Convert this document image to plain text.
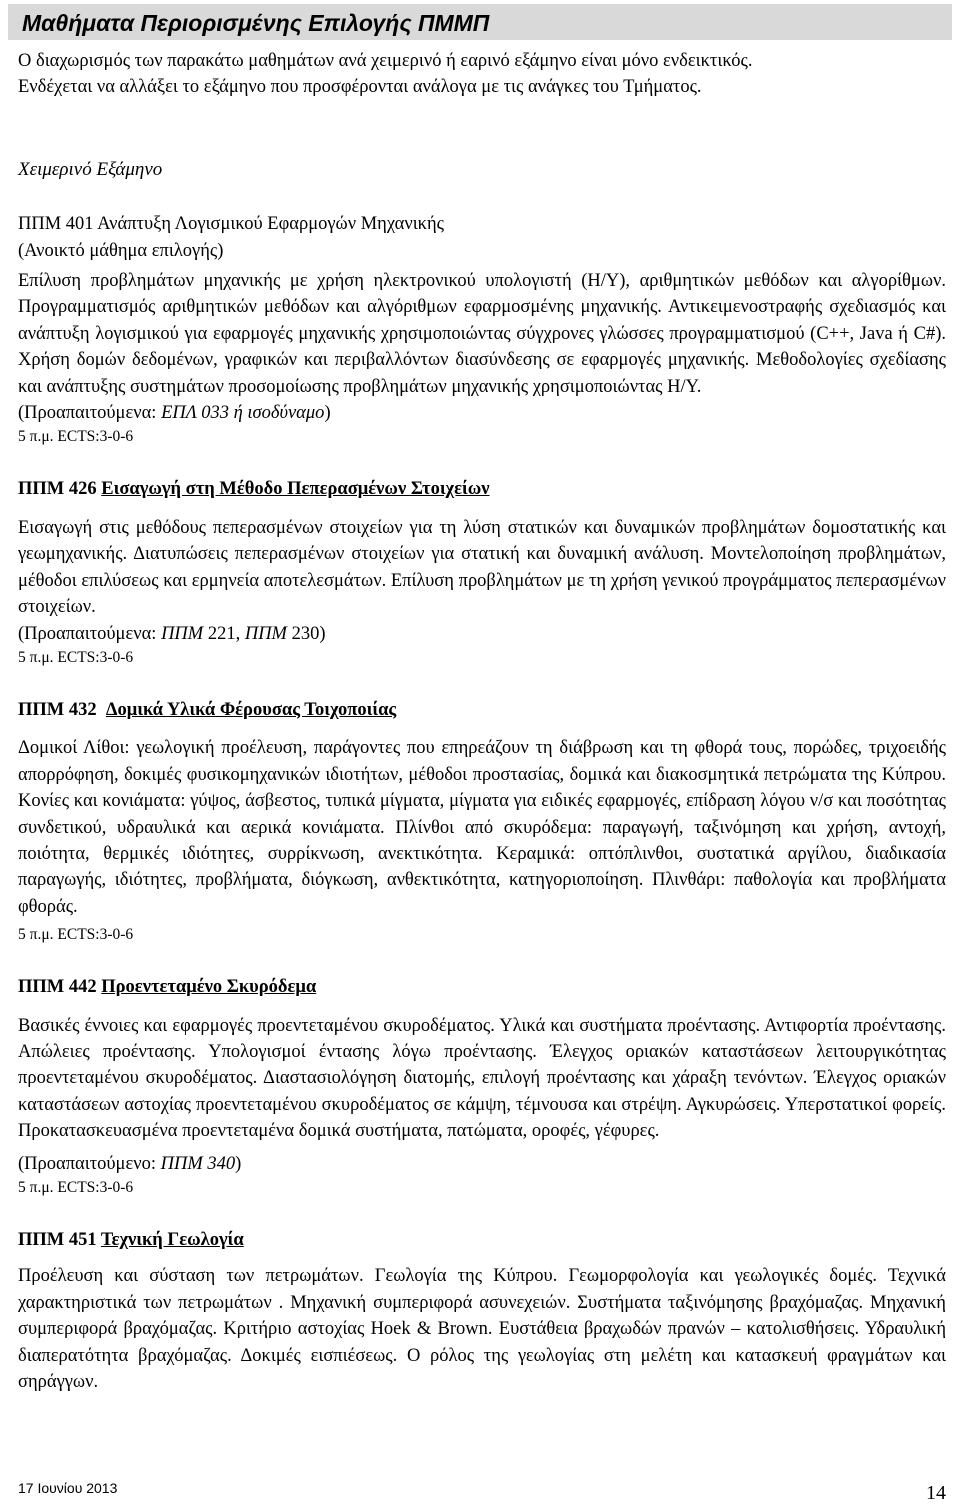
Μαθήματα Περιορισμένης Επιλογής ΠΜΜΠ

Ο διαχωρισμός των παρακάτω μαθημάτων ανά χειμερινό ή εαρινό εξάμηνο είναι μόνο ενδεικτικός.

Ενδέχεται να αλλάξει το εξάμηνο που προσφέρονται ανάλογα με τις ανάγκες του Τμήματος.

Χειμερινό Εξάμηνο

ΠΠΜ 401 Ανάπτυξη Λογισμικού Εφαρμογών Μηχανικής

(Ανοικτό μάθημα επιλογής)

Επίλυση προβλημάτων μηχανικής με χρήση ηλεκτρονικού υπολογιστή (Η/Υ), αριθμητικών μεθόδων και αλγορίθμων. Προγραμματισμός αριθμητικών μεθόδων και αλγόριθμων εφαρμοσμένης μηχανικής. Αντικειμενοστραφής σχεδιασμός και ανάπτυξη λογισμικού για εφαρμογές μηχανικής χρησιμοποιώντας σύγχρονες γλώσσες προγραμματισμού (C++, Java ή C#). Χρήση δομών δεδομένων, γραφικών και περιβαλλόντων διασύνδεσης σε εφαρμογές μηχανικής. Μεθοδολογίες σχεδίασης και ανάπτυξης συστημάτων προσομοίωσης προβλημάτων μηχανικής χρησιμοποιώντας Η/Υ.

(Προαπαιτούμενα: ΕΠΛ 033 ή ισοδύναμο)

5 π.μ. ECTS:3-0-6

ΠΠΜ 426 Εισαγωγή στη Μέθοδο Πεπερασμένων Στοιχείων

Εισαγωγή στις μεθόδους πεπερασμένων στοιχείων για τη λύση στατικών και δυναμικών προβλημάτων δομοστατικής και γεωμηχανικής. Διατυπώσεις πεπερασμένων στοιχείων για στατική και δυναμική ανάλυση. Μοντελοποίηση προβλημάτων, μέθοδοι επιλύσεως και ερμηνεία αποτελεσμάτων. Επίλυση προβλημάτων με τη χρήση γενικού προγράμματος πεπερασμένων στοιχείων.

(Προαπαιτούμενα: ΠΠΜ 221, ΠΠΜ 230)

5 π.μ. ECTS:3-0-6

ΠΠΜ 432 Δομικά Υλικά Φέρουσας Τοιχοποιίας

Δομικοί Λίθοι: γεωλογική προέλευση, παράγοντες που επηρεάζουν τη διάβρωση και τη φθορά τους, πορώδες, τριχοειδής απορρόφηση, δοκιμές φυσικομηχανικών ιδιοτήτων, μέθοδοι προστασίας, δομικά και διακοσμητικά πετρώματα της Κύπρου. Κονίες και κονιάματα: γύψος, άσβεστος, τυπικά μίγματα, μίγματα για ειδικές εφαρμογές, επίδραση λόγου ν/σ και ποσότητας συνδετικού, υδραυλικά και αερικά κονιάματα. Πλίνθοι από σκυρόδεμα: παραγωγή, ταξινόμηση και χρήση, αντοχή, ποιότητα, θερμικές ιδιότητες, συρρίκνωση, ανεκτικότητα. Κεραμικά: οπτόπλινθοι, συστατικά αργίλου, διαδικασία παραγωγής, ιδιότητες, προβλήματα, διόγκωση, ανθεκτικότητα, κατηγοριοποίηση. Πλινθάρι: παθολογία και προβλήματα φθοράς.

5 π.μ. ECTS:3-0-6

ΠΠΜ 442 Προεντεταμένο Σκυρόδεμα

Βασικές έννοιες και εφαρμογές προεντεταμένου σκυροδέματος. Υλικά και συστήματα προέντασης. Αντιφορτία προέντασης. Απώλειες προέντασης. Υπολογισμοί έντασης λόγω προέντασης. Έλεγχος οριακών καταστάσεων λειτουργικότητας προεντεταμένου σκυροδέματος. Διαστασιολόγηση διατομής, επιλογή προέντασης και χάραξη τενόντων. Έλεγχος οριακών καταστάσεων αστοχίας προεντεταμένου σκυροδέματος σε κάμψη, τέμνουσα και στρέψη. Αγκυρώσεις. Υπερστατικοί φορείς. Προκατασκευασμένα προεντεταμένα δομικά συστήματα, πατώματα, οροφές, γέφυρες.

(Προαπαιτούμενο: ΠΠΜ 340)

5 π.μ. ECTS:3-0-6

ΠΠΜ 451 Τεχνική Γεωλογία

Προέλευση και σύσταση των πετρωμάτων. Γεωλογία της Κύπρου. Γεωμορφολογία και γεωλογικές δομές. Τεχνικά χαρακτηριστικά των πετρωμάτων . Μηχανική συμπεριφορά ασυνεχειών. Συστήματα ταξινόμησης βραχόμαζας. Μηχανική συμπεριφορά βραχόμαζας. Κριτήριο αστοχίας Hoek & Brown. Ευστάθεια βραχωδών πρανών – κατολισθήσεις. Υδραυλική διαπερατότητα βραχόμαζας. Δοκιμές εισπιέσεως. Ο ρόλος της γεωλογίας στη μελέτη και κατασκευή φραγμάτων και σηράγγων.

17 Ιουνίου 2013	14
